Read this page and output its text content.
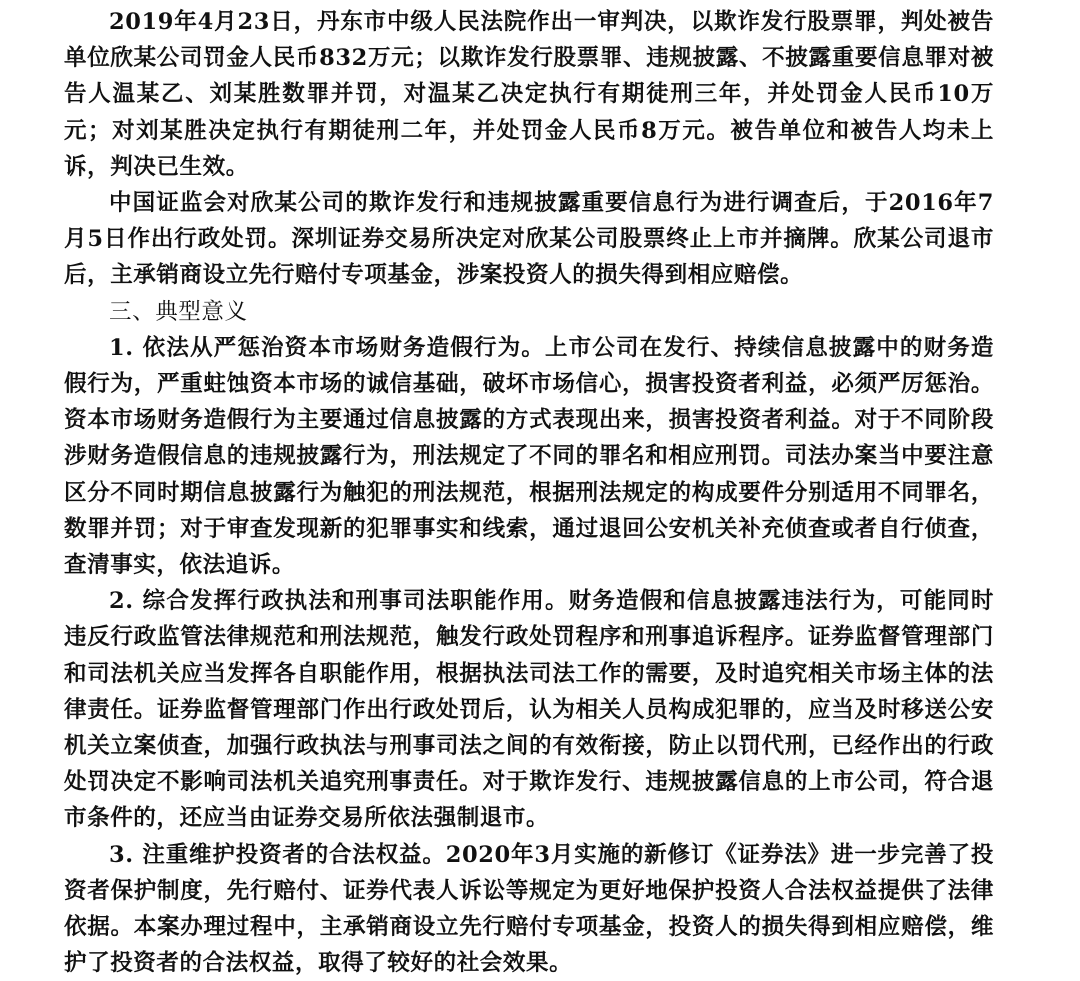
2019年4月23日，丹东市中级人民法院作出一审判决，以欺诈发行股票罪，判处被告单位欣某公司罚金人民币832万元；以欺诈发行股票罪、违规披露、不披露重要信息罪对被告人温某乙、刘某胜数罪并罚，对温某乙决定执行有期徒刑三年，并处罚金人民币10万元；对刘某胜决定执行有期徒刑二年，并处罚金人民币8万元。被告单位和被告人均未上诉，判决已生效。

中国证监会对欣某公司的欺诈发行和违规披露重要信息行为进行调查后，于2016年7月5日作出行政处罚。深圳证券交易所决定对欣某公司股票终止上市并摘牌。欣某公司退市后，主承销商设立先行赔付专项基金，涉案投资人的损失得到相应赔偿。

三、典型意义

1. 依法从严惩治资本市场财务造假行为。上市公司在发行、持续信息披露中的财务造假行为，严重蛀蚀资本市场的诚信基础，破坏市场信心，损害投资者利益，必须严厉惩治。资本市场财务造假行为主要通过信息披露的方式表现出来，损害投资者利益。对于不同阶段涉财务造假信息的违规披露行为，刑法规定了不同的罪名和相应刑罚。司法办案当中要注意区分不同时期信息披露行为触犯的刑法规范，根据刑法规定的构成要件分别适用不同罪名，数罪并罚；对于审查发现新的犯罪事实和线索，通过退回公安机关补充侦查或者自行侦查，查清事实，依法追诉。

2. 综合发挥行政执法和刑事司法职能作用。财务造假和信息披露违法行为，可能同时违反行政监管法律规范和刑法规范，触发行政处罚程序和刑事追诉程序。证券监督管理部门和司法机关应当发挥各自职能作用，根据执法司法工作的需要，及时追究相关市场主体的法律责任。证券监督管理部门作出行政处罚后，认为相关人员构成犯罪的，应当及时移送公安机关立案侦查，加强行政执法与刑事司法之间的有效衔接，防止以罚代刑，已经作出的行政处罚决定不影响司法机关追究刑事责任。对于欺诈发行、违规披露信息的上市公司，符合退市条件的，还应当由证券交易所依法强制退市。

3. 注重维护投资者的合法权益。2020年3月实施的新修订《证券法》进一步完善了投资者保护制度，先行赔付、证券代表人诉讼等规定为更好地保护投资人合法权益提供了法律依据。本案办理过程中，主承销商设立先行赔付专项基金，投资人的损失得到相应赔偿，维护了投资者的合法权益，取得了较好的社会效果。
